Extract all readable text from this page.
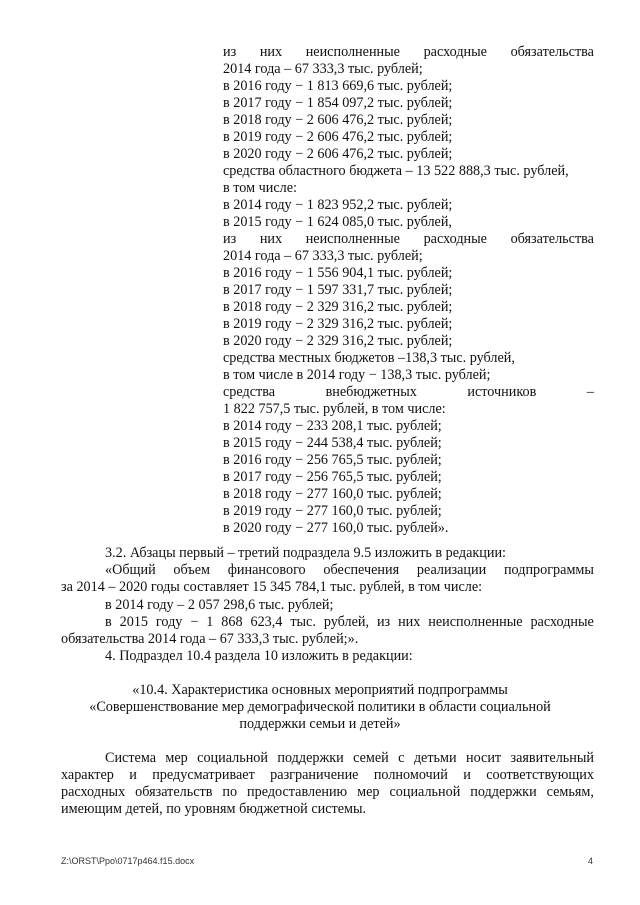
из них неисполненные расходные обязательства
2014 года – 67 333,3 тыс. рублей;
в 2016 году − 1 813 669,6 тыс. рублей;
в 2017 году − 1 854 097,2 тыс. рублей;
в 2018 году − 2 606 476,2 тыс. рублей;
в 2019 году − 2 606 476,2 тыс. рублей;
в 2020 году − 2 606 476,2 тыс. рублей;
средства областного бюджета – 13 522 888,3 тыс. рублей,
в том числе:
в 2014 году − 1 823 952,2 тыс. рублей;
в 2015 году − 1 624 085,0 тыс. рублей,
из них неисполненные расходные обязательства
2014 года – 67 333,3 тыс. рублей;
в 2016 году − 1 556 904,1 тыс. рублей;
в 2017 году − 1 597 331,7 тыс. рублей;
в 2018 году − 2 329 316,2 тыс. рублей;
в 2019 году − 2 329 316,2 тыс. рублей;
в 2020 году − 2 329 316,2 тыс. рублей;
средства местных бюджетов –138,3 тыс. рублей,
в том числе в 2014 году − 138,3 тыс. рублей;
средства	внебюджетных	источников	–
1 822 757,5 тыс. рублей, в том числе:
в 2014 году − 233 208,1 тыс. рублей;
в 2015 году − 244 538,4 тыс. рублей;
в 2016 году − 256 765,5 тыс. рублей;
в 2017 году − 256 765,5 тыс. рублей;
в 2018 году − 277 160,0 тыс. рублей;
в 2019 году − 277 160,0 тыс. рублей;
в 2020 году − 277 160,0 тыс. рублей».
3.2. Абзацы первый – третий подраздела 9.5 изложить в редакции:
«Общий объем финансового обеспечения реализации подпрограммы
за 2014 – 2020 годы составляет 15 345 784,1 тыс. рублей, в том числе:
в 2014 году – 2 057 298,6 тыс. рублей;
в 2015 году − 1 868 623,4 тыс. рублей, из них неисполненные расходные
обязательства 2014 года – 67 333,3 тыс. рублей;».
4. Подраздел 10.4 раздела 10 изложить в редакции:
«10.4. Характеристика основных мероприятий подпрограммы
«Совершенствование мер демографической политики в области социальной
поддержки семьи и детей»
Система мер социальной поддержки семей с детьми носит заявительный
характер и предусматривает разграничение полномочий и соответствующих
расходных обязательств по предоставлению мер социальной поддержки семьям,
имеющим детей, по уровням бюджетной системы.
Z:\ORST\Ppo\0717p464.f15.docx	4
